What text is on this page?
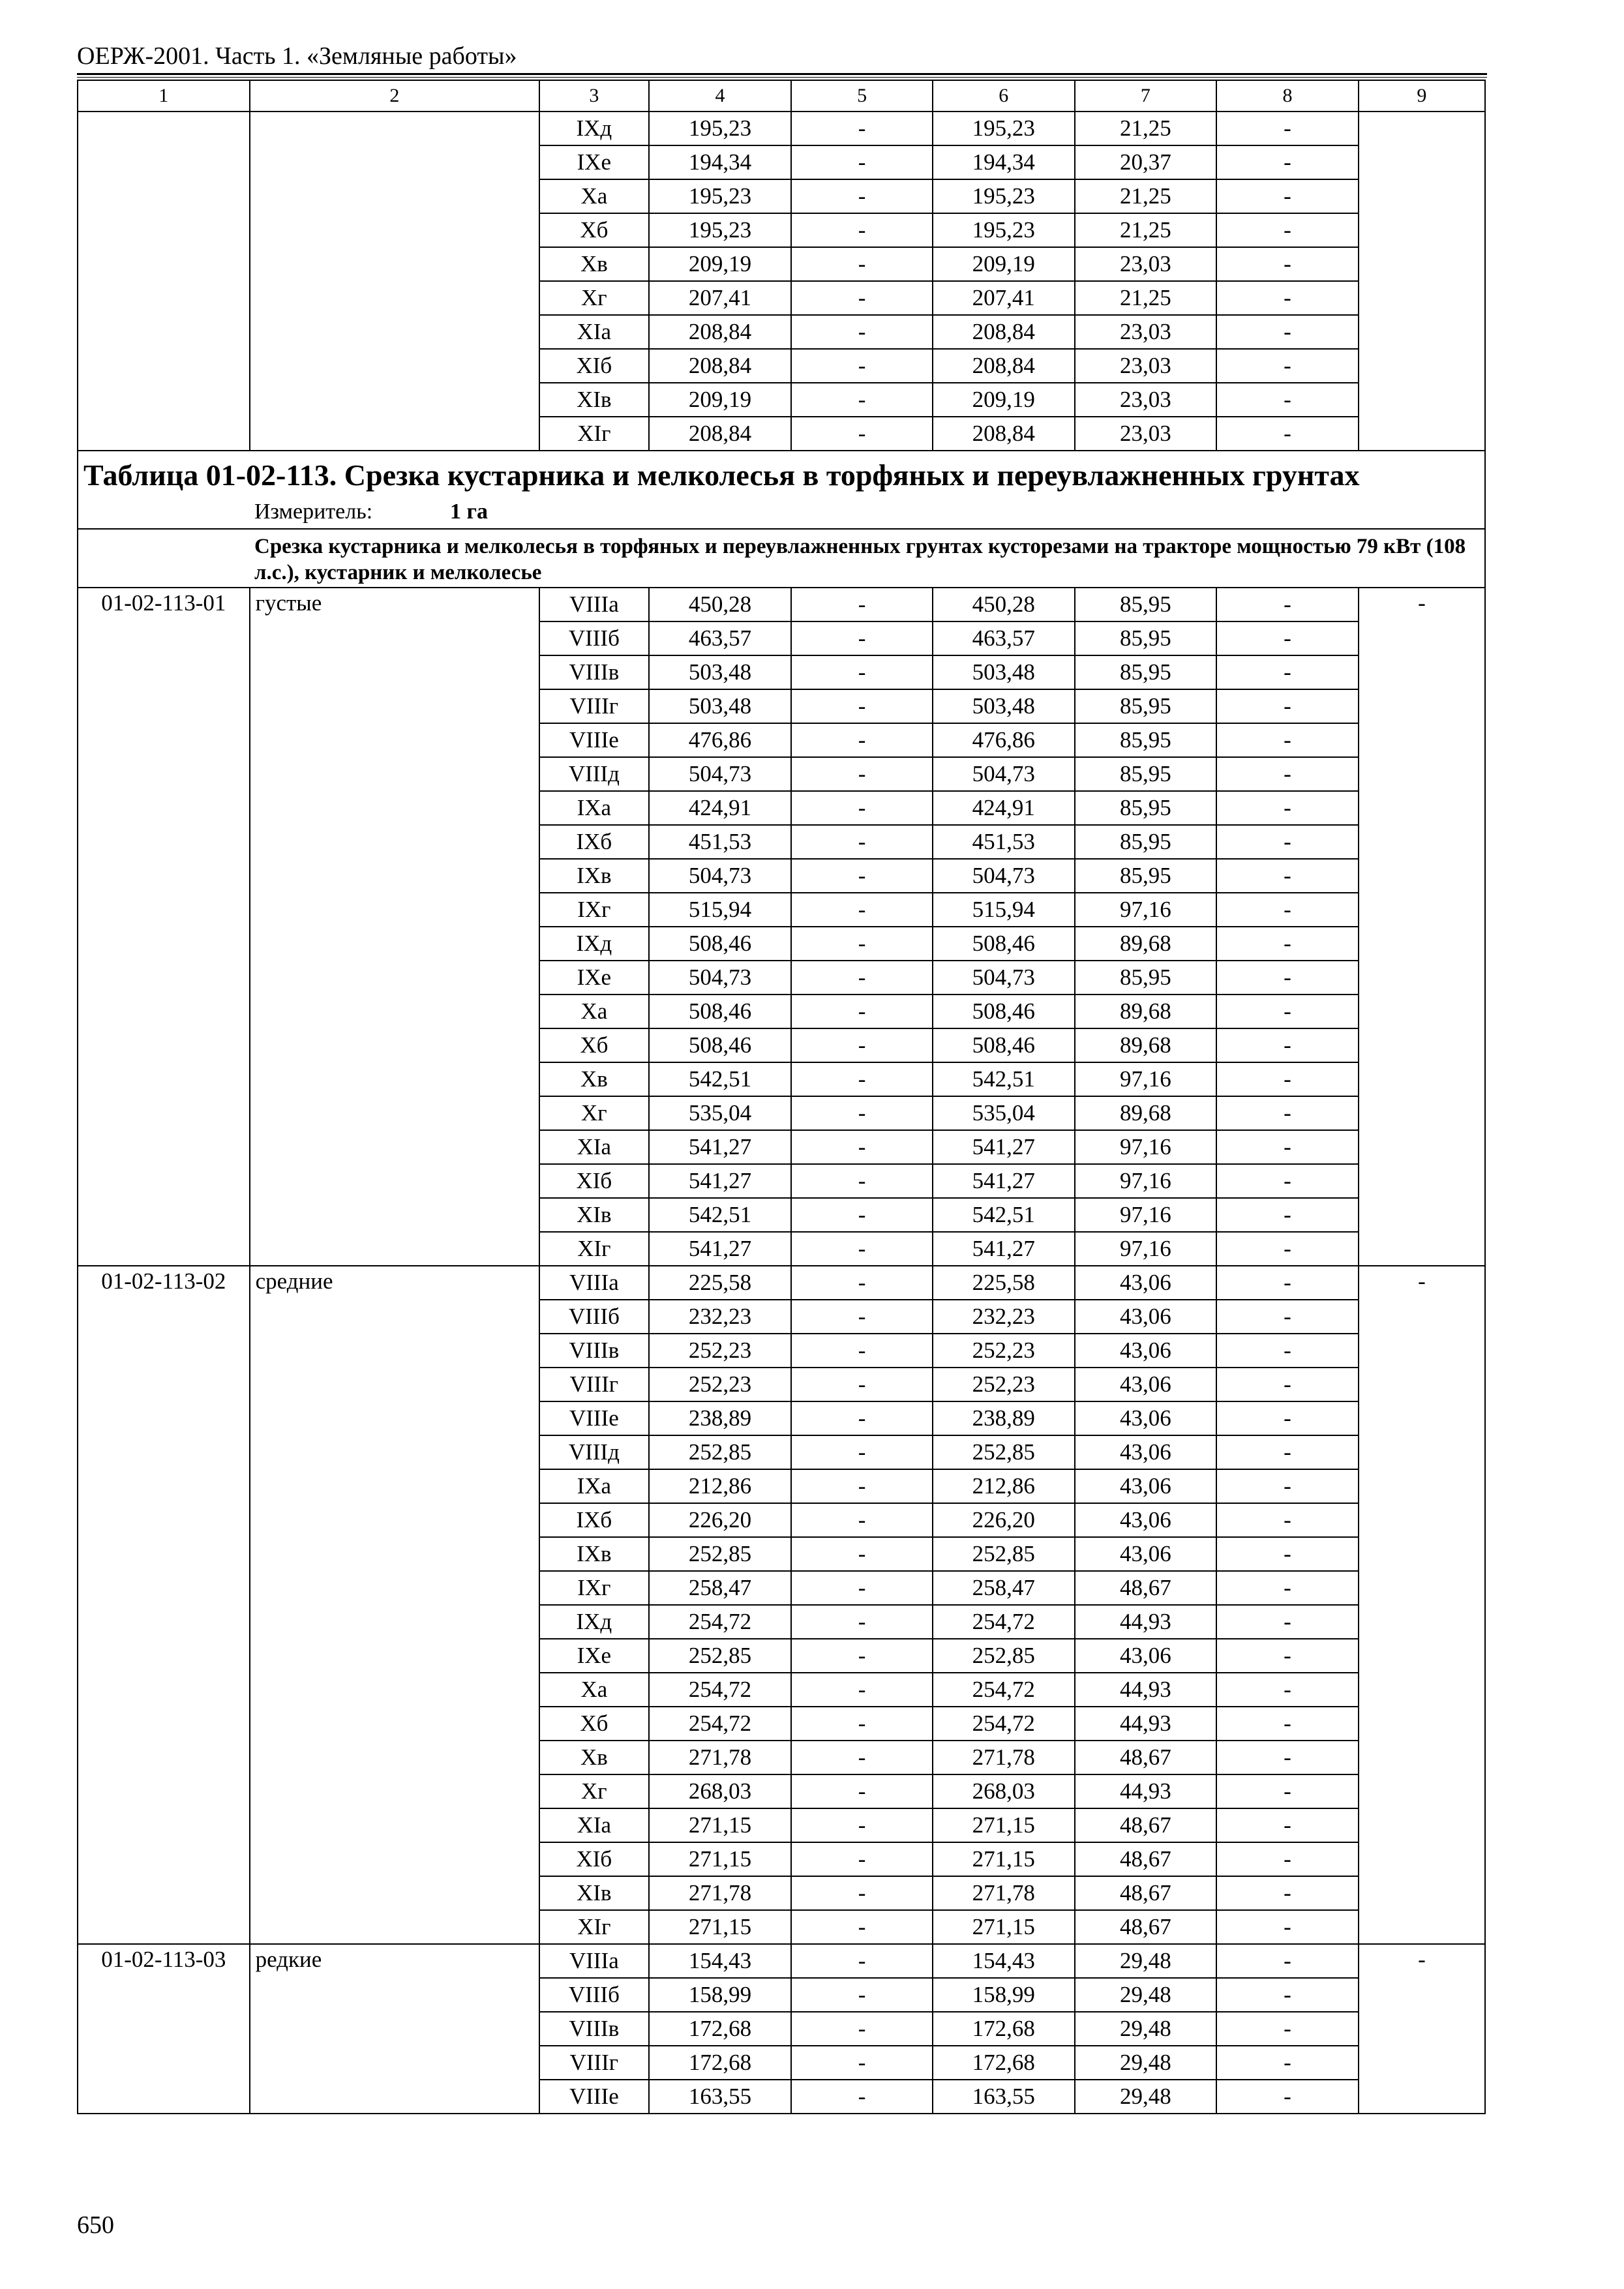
ОЕРЖ-2001. Часть 1. «Земляные работы»
1	2	3	4	5	6	7	8	9
		IXд	195,23	-	195,23	21,25	-	
		IXе	194,34	-	194,34	20,37	-	
		Xа	195,23	-	195,23	21,25	-	
		Xб	195,23	-	195,23	21,25	-	
		Xв	209,19	-	209,19	23,03	-	
		Xг	207,41	-	207,41	21,25	-	
		XIа	208,84	-	208,84	23,03	-	
		XIб	208,84	-	208,84	23,03	-	
		XIв	209,19	-	209,19	23,03	-	
		XIг	208,84	-	208,84	23,03	-	

Таблица 01-02-113. Срезка кустарника и мелколесья в торфяных и переувлажненных грунтах
Измеритель: 1 га								

Срезка кустарника и мелколесья в торфяных и переувлажненных грунтах кусторезами на тракторе мощностью 79 кВт (108 л.с.), кустарник и мелколесье								
01-02-113-01	густые	VIIIа	450,28	-	450,28	85,95	-	-
		VIIIб	463,57	-	463,57	85,95	-	
		VIIIв	503,48	-	503,48	85,95	-	
		VIIIг	503,48	-	503,48	85,95	-	
		VIIIе	476,86	-	476,86	85,95	-	
		VIIIд	504,73	-	504,73	85,95	-	
		IXа	424,91	-	424,91	85,95	-	
		IXб	451,53	-	451,53	85,95	-	
		IXв	504,73	-	504,73	85,95	-	
		IXг	515,94	-	515,94	97,16	-	
		IXд	508,46	-	508,46	89,68	-	
		IXе	504,73	-	504,73	85,95	-	
		Xа	508,46	-	508,46	89,68	-	
		Xб	508,46	-	508,46	89,68	-	
		Xв	542,51	-	542,51	97,16	-	
		Xг	535,04	-	535,04	89,68	-	
		XIа	541,27	-	541,27	97,16	-	
		XIб	541,27	-	541,27	97,16	-	
		XIв	542,51	-	542,51	97,16	-	
		XIг	541,27	-	541,27	97,16	-	
01-02-113-02	средние	VIIIа	225,58	-	225,58	43,06	-	-
		VIIIб	232,23	-	232,23	43,06	-	
		VIIIв	252,23	-	252,23	43,06	-	
		VIIIг	252,23	-	252,23	43,06	-	
		VIIIе	238,89	-	238,89	43,06	-	
		VIIIд	252,85	-	252,85	43,06	-	
		IXа	212,86	-	212,86	43,06	-	
		IXб	226,20	-	226,20	43,06	-	
		IXв	252,85	-	252,85	43,06	-	
		IXг	258,47	-	258,47	48,67	-	
		IXд	254,72	-	254,72	44,93	-	
		IXе	252,85	-	252,85	43,06	-	
		Xа	254,72	-	254,72	44,93	-	
		Xб	254,72	-	254,72	44,93	-	
		Xв	271,78	-	271,78	48,67	-	
		Xг	268,03	-	268,03	44,93	-	
		XIа	271,15	-	271,15	48,67	-	
		XIб	271,15	-	271,15	48,67	-	
		XIв	271,78	-	271,78	48,67	-	
		XIг	271,15	-	271,15	48,67	-	
01-02-113-03	редкие	VIIIа	154,43	-	154,43	29,48	-	-
		VIIIб	158,99	-	158,99	29,48	-	
		VIIIв	172,68	-	172,68	29,48	-	
		VIIIг	172,68	-	172,68	29,48	-	
		VIIIе	163,55	-	163,55	29,48	-	
650
